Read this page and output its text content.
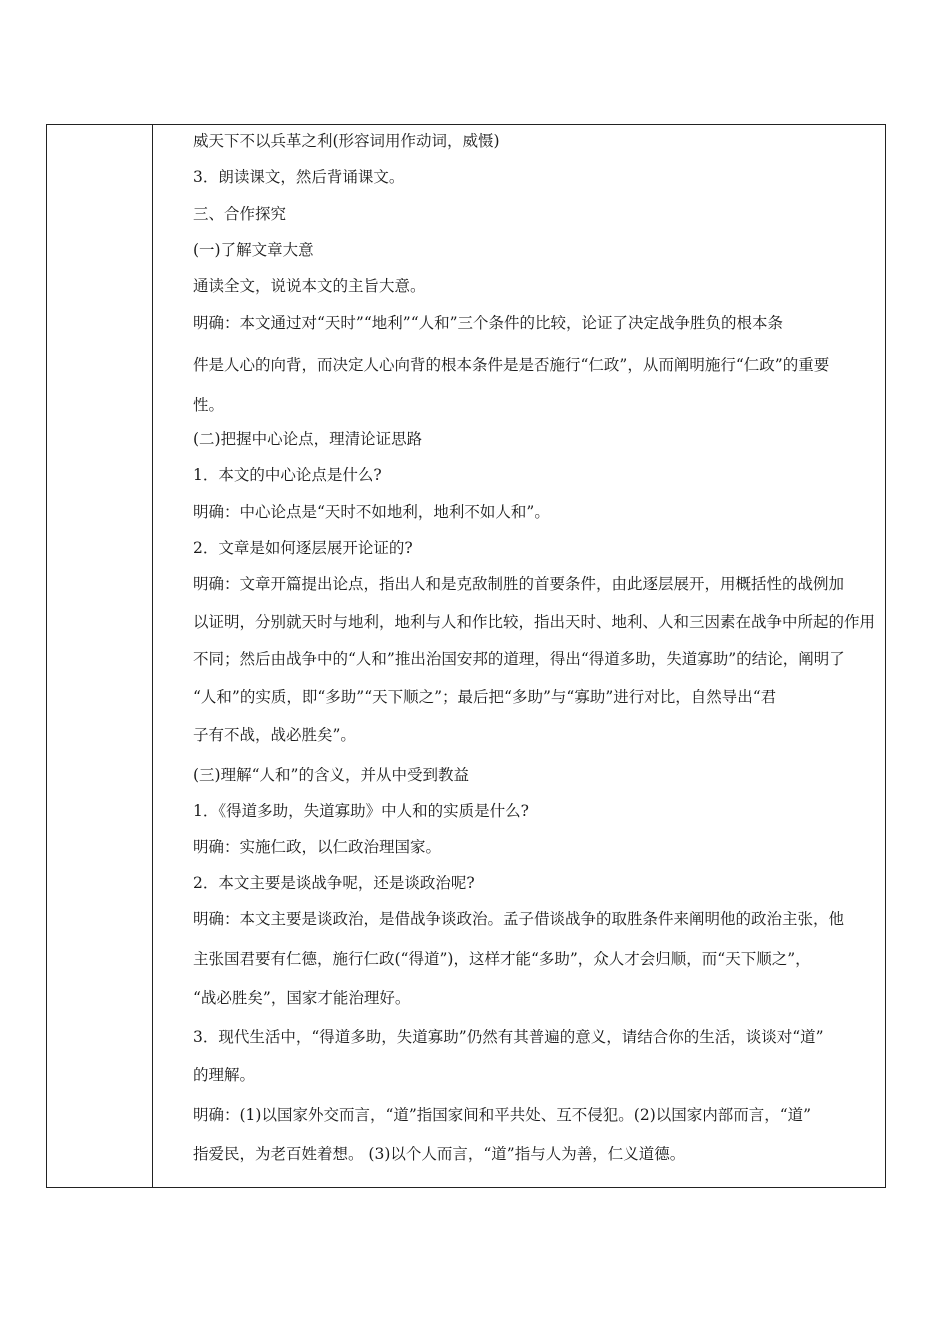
威天下不以兵革之利(形容词用作动词，威慑)
3．朗读课文，然后背诵课文。
三、合作探究
(一)了解文章大意
通读全文，说说本文的主旨大意。
明确：本文通过对“天时”“地利”“人和”三个条件的比较，论证了决定战争胜负的根本条
件是人心的向背，而决定人心向背的根本条件是是否施行“仁政”，从而阐明施行“仁政”的重要
性。
(二)把握中心论点，理清论证思路
1．本文的中心论点是什么?
明确：中心论点是“天时不如地利，地利不如人和”。
2．文章是如何逐层展开论证的?
明确：文章开篇提出论点，指出人和是克敌制胜的首要条件，由此逐层展开，用概括性的战例加
以证明，分别就天时与地利，地利与人和作比较，指出天时、地利、人和三因素在战争中所起的作用
不同；然后由战争中的“人和”推出治国安邦的道理，得出“得道多助，失道寡助”的结论，阐明了
“人和”的实质，即“多助”“天下顺之”；最后把“多助”与“寡助”进行对比，自然导出“君
子有不战，战必胜矣”。
(三)理解“人和”的含义，并从中受到教益
1．《得道多助，失道寡助》中人和的实质是什么?
明确：实施仁政，以仁政治理国家。
2．本文主要是谈战争呢，还是谈政治呢?
明确：本文主要是谈政治，是借战争谈政治。孟子借谈战争的取胜条件来阐明他的政治主张，他
主张国君要有仁德，施行仁政(“得道”)，这样才能“多助”，众人才会归顺，而“天下顺之”，
“战必胜矣”，国家才能治理好。
3．现代生活中，“得道多助，失道寡助”仍然有其普遍的意义，请结合你的生活，谈谈对“道”
的理解。
明确：(1)以国家外交而言，“道”指国家间和平共处、互不侵犯。(2)以国家内部而言，“道”
指爱民，为老百姓着想。 (3)以个人而言，“道”指与人为善，仁义道德。
